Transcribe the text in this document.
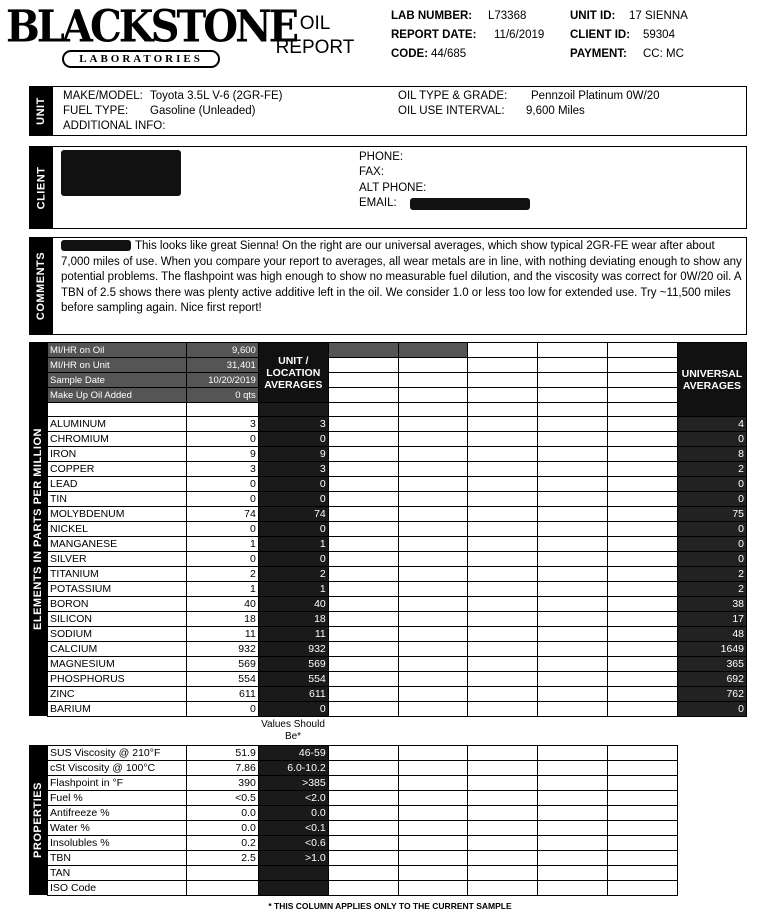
BLACKSTONE
LABORATORIES
OIL
REPORT
LAB NUMBER: L73368
REPORT DATE: 11/6/2019
CODE: 44/685
UNIT ID: 17 SIENNA
CLIENT ID: 59304
PAYMENT: CC: MC
UNIT
MAKE/MODEL: Toyota 3.5L V-6 (2GR-FE)
FUEL TYPE: Gasoline (Unleaded)
ADDITIONAL INFO:
OIL TYPE & GRADE: Pennzoil Platinum 0W/20
OIL USE INTERVAL: 9,600 Miles
CLIENT
PHONE:
FAX:
ALT PHONE:
EMAIL:
COMMENTS
This looks like great Sienna! On the right are our universal averages, which show typical 2GR-FE wear after about 7,000 miles of use. When you compare your report to averages, all wear metals are in line, with nothing deviating enough to show any potential problems. The flashpoint was high enough to show no measurable fuel dilution, and the viscosity was correct for 0W/20 oil. A TBN of 2.5 shows there was plenty active additive left in the oil. We consider 1.0 or less too low for extended use. Try ~11,500 miles before sampling again. Nice first report!
ELEMENTS IN PARTS PER MILLION
MI/HR on Oil	9,600	UNIT / LOCATION AVERAGES						UNIVERSAL AVERAGES
MI/HR on Unit	31,401							
Sample Date	10/20/2019							
Make Up Oil Added	0 qts							

ALUMINUM	3	3						4
CHROMIUM	0	0						0
IRON	9	9						8
COPPER	3	3						2
LEAD	0	0						0
TIN	0	0						0
MOLYBDENUM	74	74						75
NICKEL	0	0						0
MANGANESE	1	1						0
SILVER	0	0						0
TITANIUM	2	2						2
POTASSIUM	1	1						2
BORON	40	40						38
SILICON	18	18						17
SODIUM	11	11						48
CALCIUM	932	932						1649
MAGNESIUM	569	569						365
PHOSPHORUS	554	554						692
ZINC	611	611						762
BARIUM	0	0						0
Values Should Be*
PROPERTIES
SUS Viscosity @ 210°F	51.9	46-59					
cSt Viscosity @ 100°C	7.86	6.0-10.2					
Flashpoint in °F	390	>385					
Fuel %	<0.5	<2.0					
Antifreeze %	0.0	0.0					
Water %	0.0	<0.1					
Insolubles %	0.2	<0.6					
TBN	2.5	>1.0					
TAN							
ISO Code							
* THIS COLUMN APPLIES ONLY TO THE CURRENT SAMPLE
